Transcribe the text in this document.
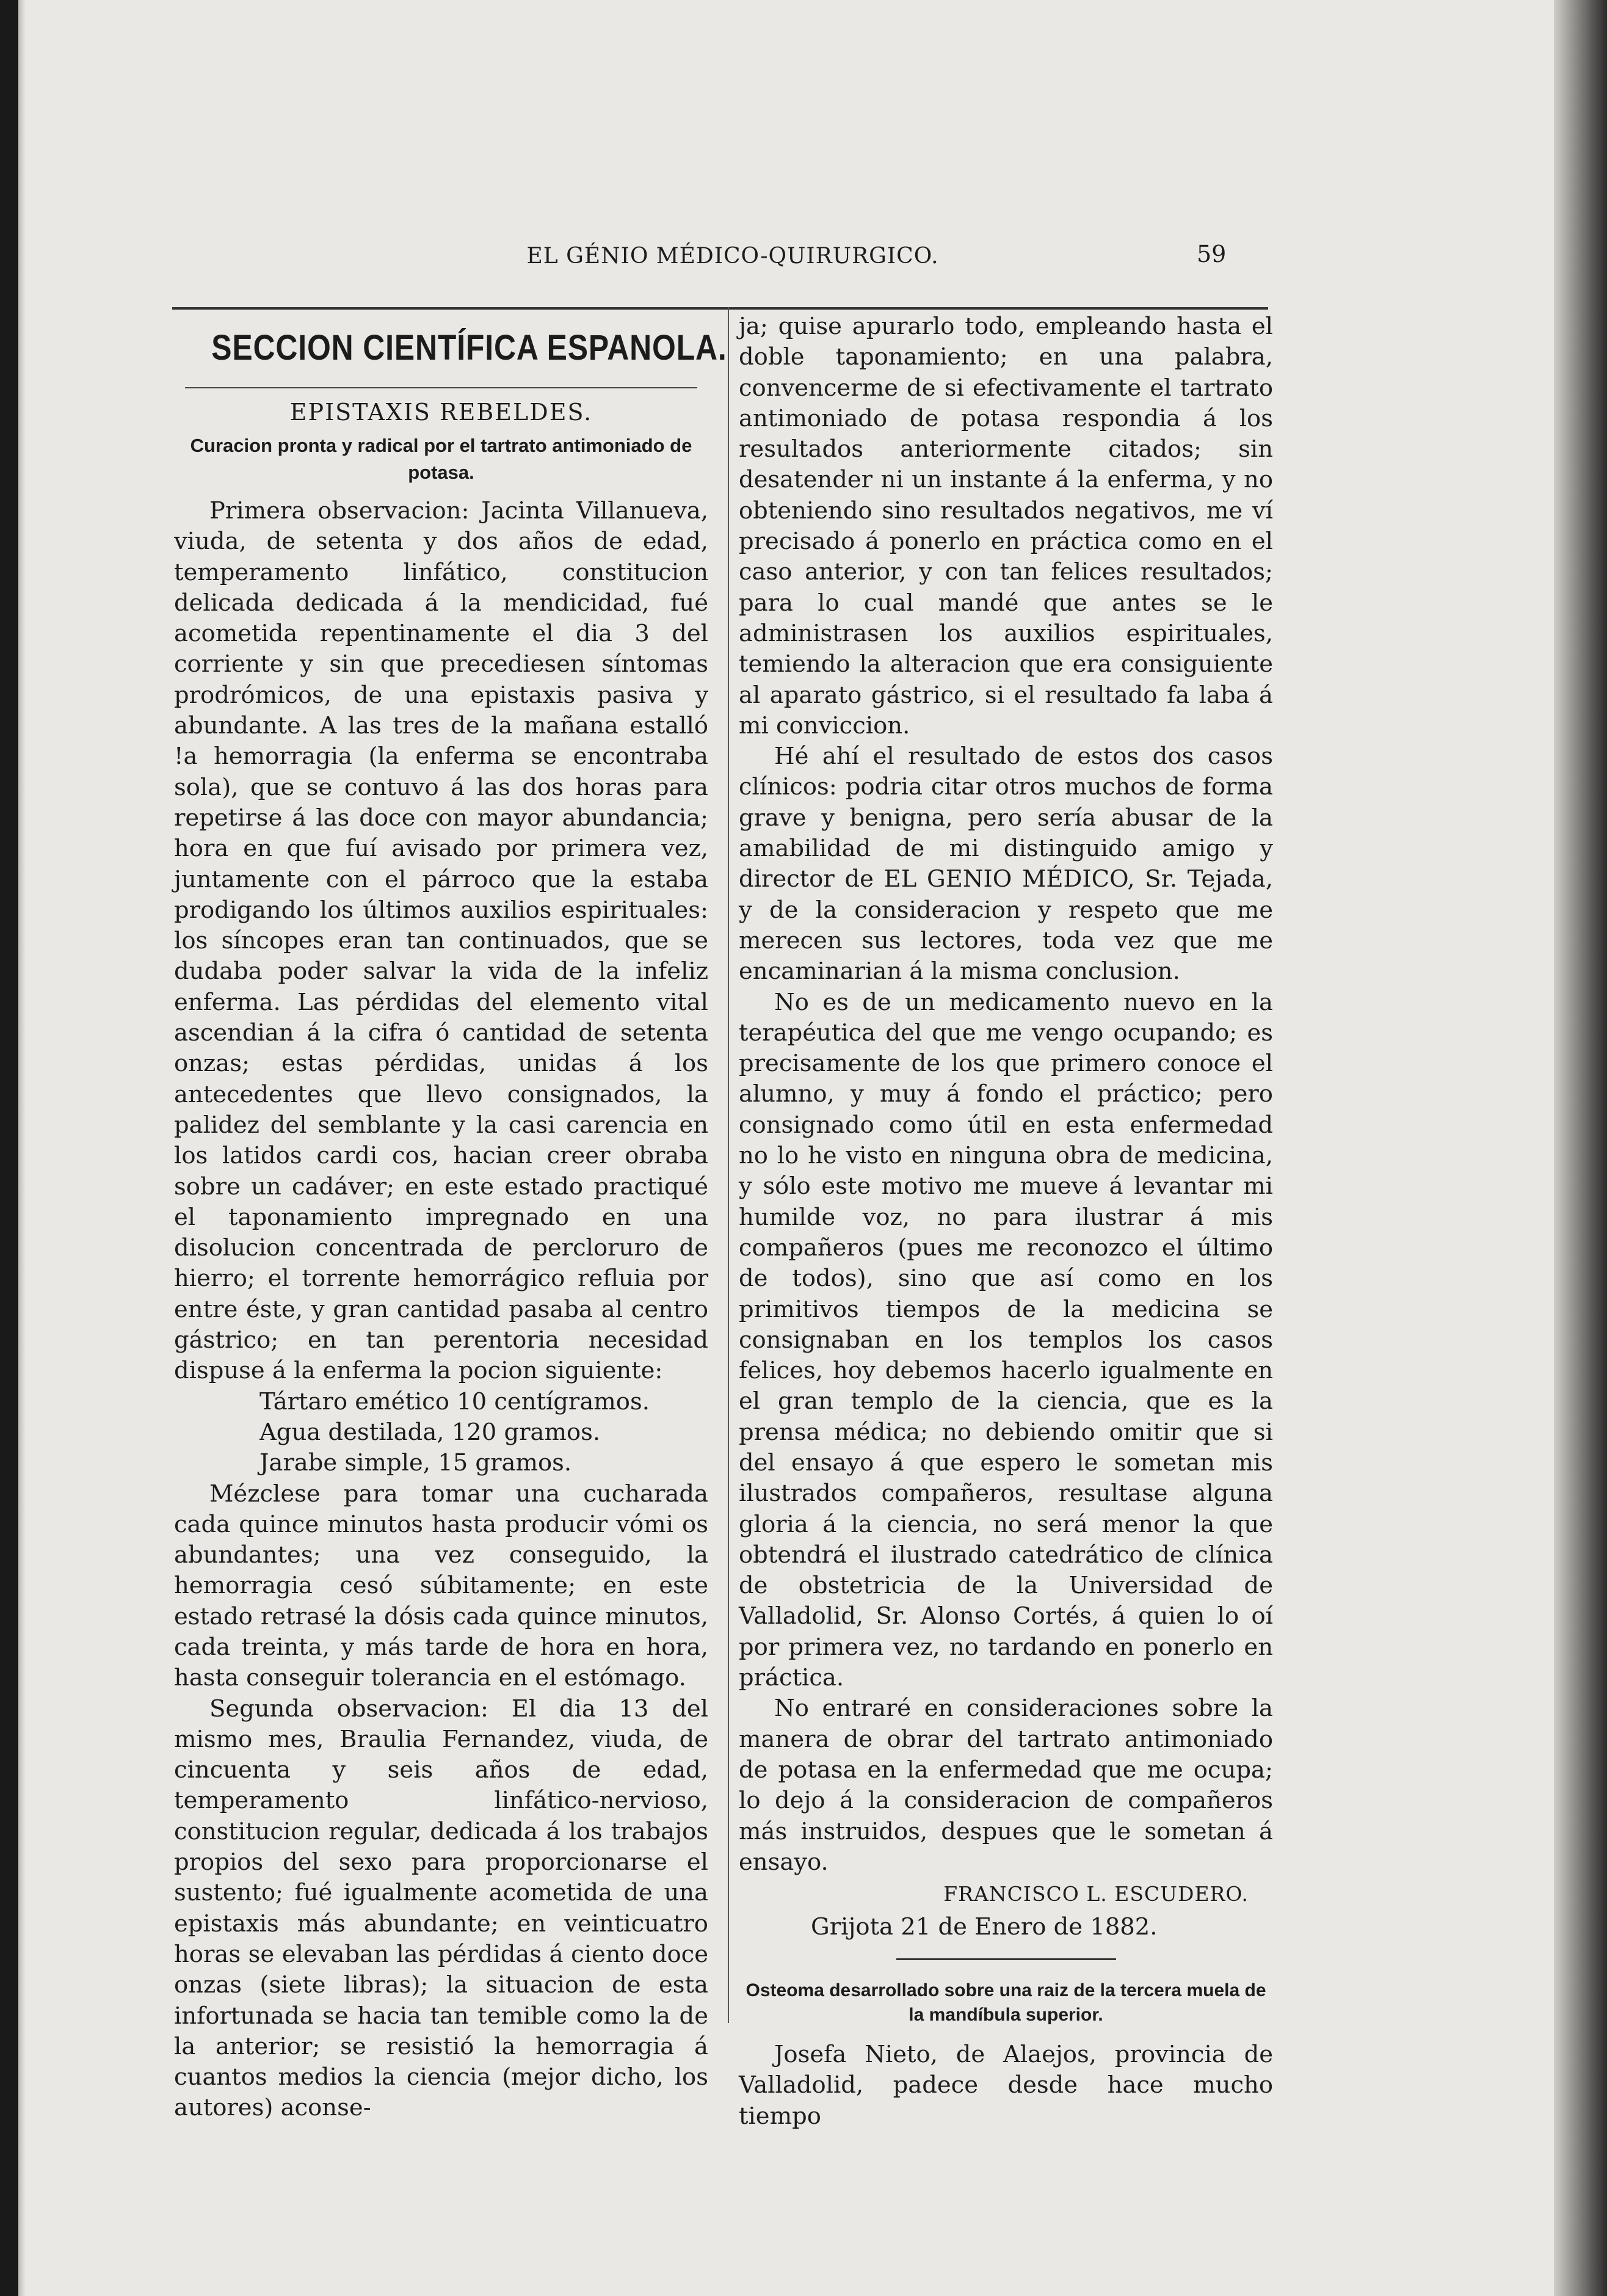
EL GÉNIO MÉDICO-QUIRURGICO.	59
SECCION CIENTÍFICA ESPANOLA.
EPISTAXIS REBELDES.
Curacion pronta y radical por el tartrato antimoniado de potasa.

Primera observacion: Jacinta Villanueva, viuda, de setenta y dos años de edad, temperamento linfático, constitucion delicada dedicada á la mendicidad, fué acometida repentinamente el dia 3 del corriente y sin que precediesen síntomas prodrómicos, de una epistaxis pasiva y abundante. A las tres de la mañana estalló !a hemorragia (la enferma se encontraba sola), que se contuvo á las dos horas para repetirse á las doce con mayor abundancia; hora en que fuí avisado por primera vez, juntamente con el párroco que la estaba prodigando los últimos auxilios espirituales: los síncopes eran tan continuados, que se dudaba poder salvar la vida de la infeliz enferma. Las pérdidas del elemento vital ascendian á la cifra ó cantidad de setenta onzas; estas pérdidas, unidas á los antecedentes que llevo consignados, la palidez del semblante y la casi carencia en los latidos cardi cos, hacian creer obraba sobre un cadáver; en este estado practiqué el taponamiento impregnado en una disolucion concentrada de percloruro de hierro; el torrente hemorrágico refluia por entre éste, y gran cantidad pasaba al centro gástrico; en tan perentoria necesidad dispuse á la enferma la pocion siguiente:

Tártaro emético 10 centígramos.

Agua destilada, 120 gramos.

Jarabe simple, 15 gramos.

Mézclese para tomar una cucharada cada quince minutos hasta producir vómi os abundantes; una vez conseguido, la hemorragia cesó súbitamente; en este estado retrasé la dósis cada quince minutos, cada treinta, y más tarde de hora en hora, hasta conseguir tolerancia en el estómago.

Segunda observacion: El dia 13 del mismo mes, Braulia Fernandez, viuda, de cincuenta y seis años de edad, temperamento linfático-nervioso, constitucion regular, dedicada á los trabajos propios del sexo para proporcionarse el sustento; fué igualmente acometida de una epistaxis más abundante; en veinticuatro horas se elevaban las pérdidas á ciento doce onzas (siete libras); la situacion de esta infortunada se hacia tan temible como la de la anterior; se resistió la hemorragia á cuantos medios la ciencia (mejor dicho, los autores) aconse-

ja; quise apurarlo todo, empleando hasta el doble taponamiento; en una palabra, convencerme de si efectivamente el tartrato antimoniado de potasa respondia á los resultados anteriormente citados; sin desatender ni un instante á la enferma, y no obteniendo sino resultados negativos, me ví precisado á ponerlo en práctica como en el caso anterior, y con tan felices resultados; para lo cual mandé que antes se le administrasen los auxilios espirituales, temiendo la alteracion que era consiguiente al aparato gástrico, si el resultado fa laba á mi conviccion.

Hé ahí el resultado de estos dos casos clínicos: podria citar otros muchos de forma grave y benigna, pero sería abusar de la amabilidad de mi distinguido amigo y director de EL GENIO MÉDICO, Sr. Tejada, y de la consideracion y respeto que me merecen sus lectores, toda vez que me encaminarian á la misma conclusion.

No es de un medicamento nuevo en la terapéutica del que me vengo ocupando; es precisamente de los que primero conoce el alumno, y muy á fondo el práctico; pero consignado como útil en esta enfermedad no lo he visto en ninguna obra de medicina, y sólo este motivo me mueve á levantar mi humilde voz, no para ilustrar á mis compañeros (pues me reconozco el último de todos), sino que así como en los primitivos tiempos de la medicina se consignaban en los templos los casos felices, hoy debemos hacerlo igualmente en el gran templo de la ciencia, que es la prensa médica; no debiendo omitir que si del ensayo á que espero le sometan mis ilustrados compañeros, resultase alguna gloria á la ciencia, no será menor la que obtendrá el ilustrado catedrático de clínica de obstetricia de la Universidad de Valladolid, Sr. Alonso Cortés, á quien lo oí por primera vez, no tardando en ponerlo en práctica.

No entraré en consideraciones sobre la manera de obrar del tartrato antimoniado de potasa en la enfermedad que me ocupa; lo dejo á la consideracion de compañeros más instruidos, despues que le sometan á ensayo.

FRANCISCO L. ESCUDERO.
Grijota 21 de Enero de 1882.
Osteoma desarrollado sobre una raiz de la tercera muela de la mandíbula superior.

Josefa Nieto, de Alaejos, provincia de Valladolid, padece desde hace mucho tiempo
